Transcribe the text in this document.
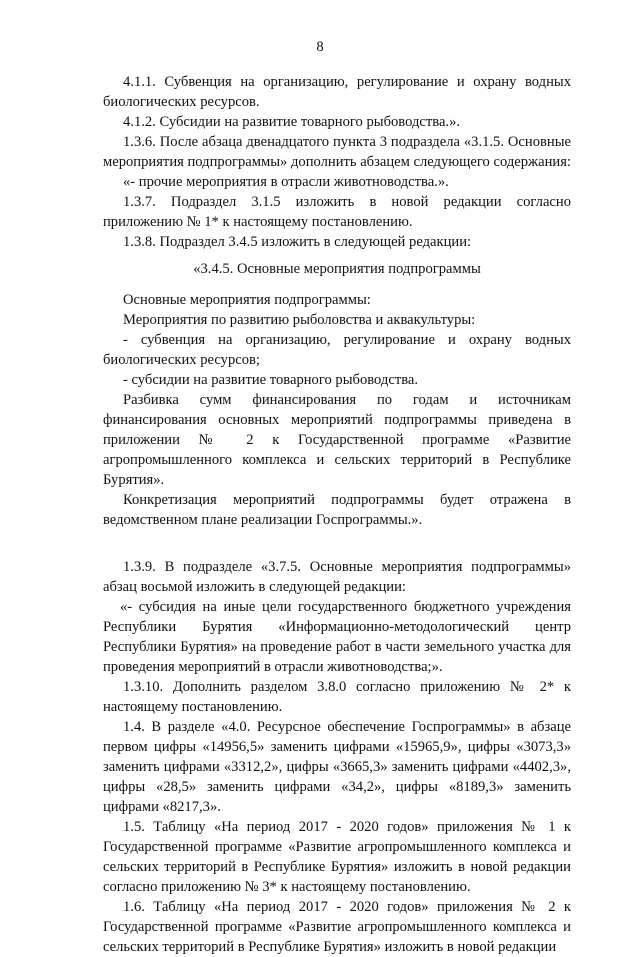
8

4.1.1. Субвенция на организацию, регулирование и охрану водных биологических ресурсов.

4.1.2. Субсидии на развитие товарного рыбоводства.».

1.3.6. После абзаца двенадцатого пункта 3 подраздела «3.1.5. Основные мероприятия подпрограммы» дополнить абзацем следующего содержания:

«- прочие мероприятия в отрасли животноводства.».

1.3.7. Подраздел 3.1.5 изложить в новой редакции согласно приложению № 1* к настоящему постановлению.

1.3.8. Подраздел 3.4.5 изложить в следующей редакции:

«3.4.5. Основные мероприятия подпрограммы

Основные мероприятия подпрограммы:

Мероприятия по развитию рыболовства и аквакультуры:

- субвенция на организацию, регулирование и охрану водных биологических ресурсов;

- субсидии на развитие товарного рыбоводства.

Разбивка сумм финансирования по годам и источникам финансирования основных мероприятий подпрограммы приведена в приложении № 2 к Государственной программе «Развитие агропромышленного комплекса и сельских территорий в Республике Бурятия».

Конкретизация мероприятий подпрограммы будет отражена в ведомственном плане реализации Госпрограммы.».

1.3.9. В подразделе «3.7.5. Основные мероприятия подпрограммы» абзац восьмой изложить в следующей редакции:

«- субсидия на иные цели государственного бюджетного учреждения Республики Бурятия «Информационно-методологический центр Республики Бурятия» на проведение работ в части земельного участка для проведения мероприятий в отрасли животноводства;».

1.3.10. Дополнить разделом 3.8.0 согласно приложению № 2* к настоящему постановлению.

1.4. В разделе «4.0. Ресурсное обеспечение Госпрограммы» в абзаце первом цифры «14956,5» заменить цифрами «15965,9», цифры «3073,3» заменить цифрами «3312,2», цифры «3665,3» заменить цифрами «4402,3», цифры «28,5» заменить цифрами «34,2», цифры «8189,3» заменить цифрами «8217,3».

1.5. Таблицу «На период 2017 - 2020 годов» приложения № 1 к Государственной программе «Развитие агропромышленного комплекса и сельских территорий в Республике Бурятия» изложить в новой редакции согласно приложению № 3* к настоящему постановлению.

1.6. Таблицу «На период 2017 - 2020 годов» приложения № 2 к Государственной программе «Развитие агропромышленного комплекса и сельских территорий в Республике Бурятия» изложить в новой редакции
